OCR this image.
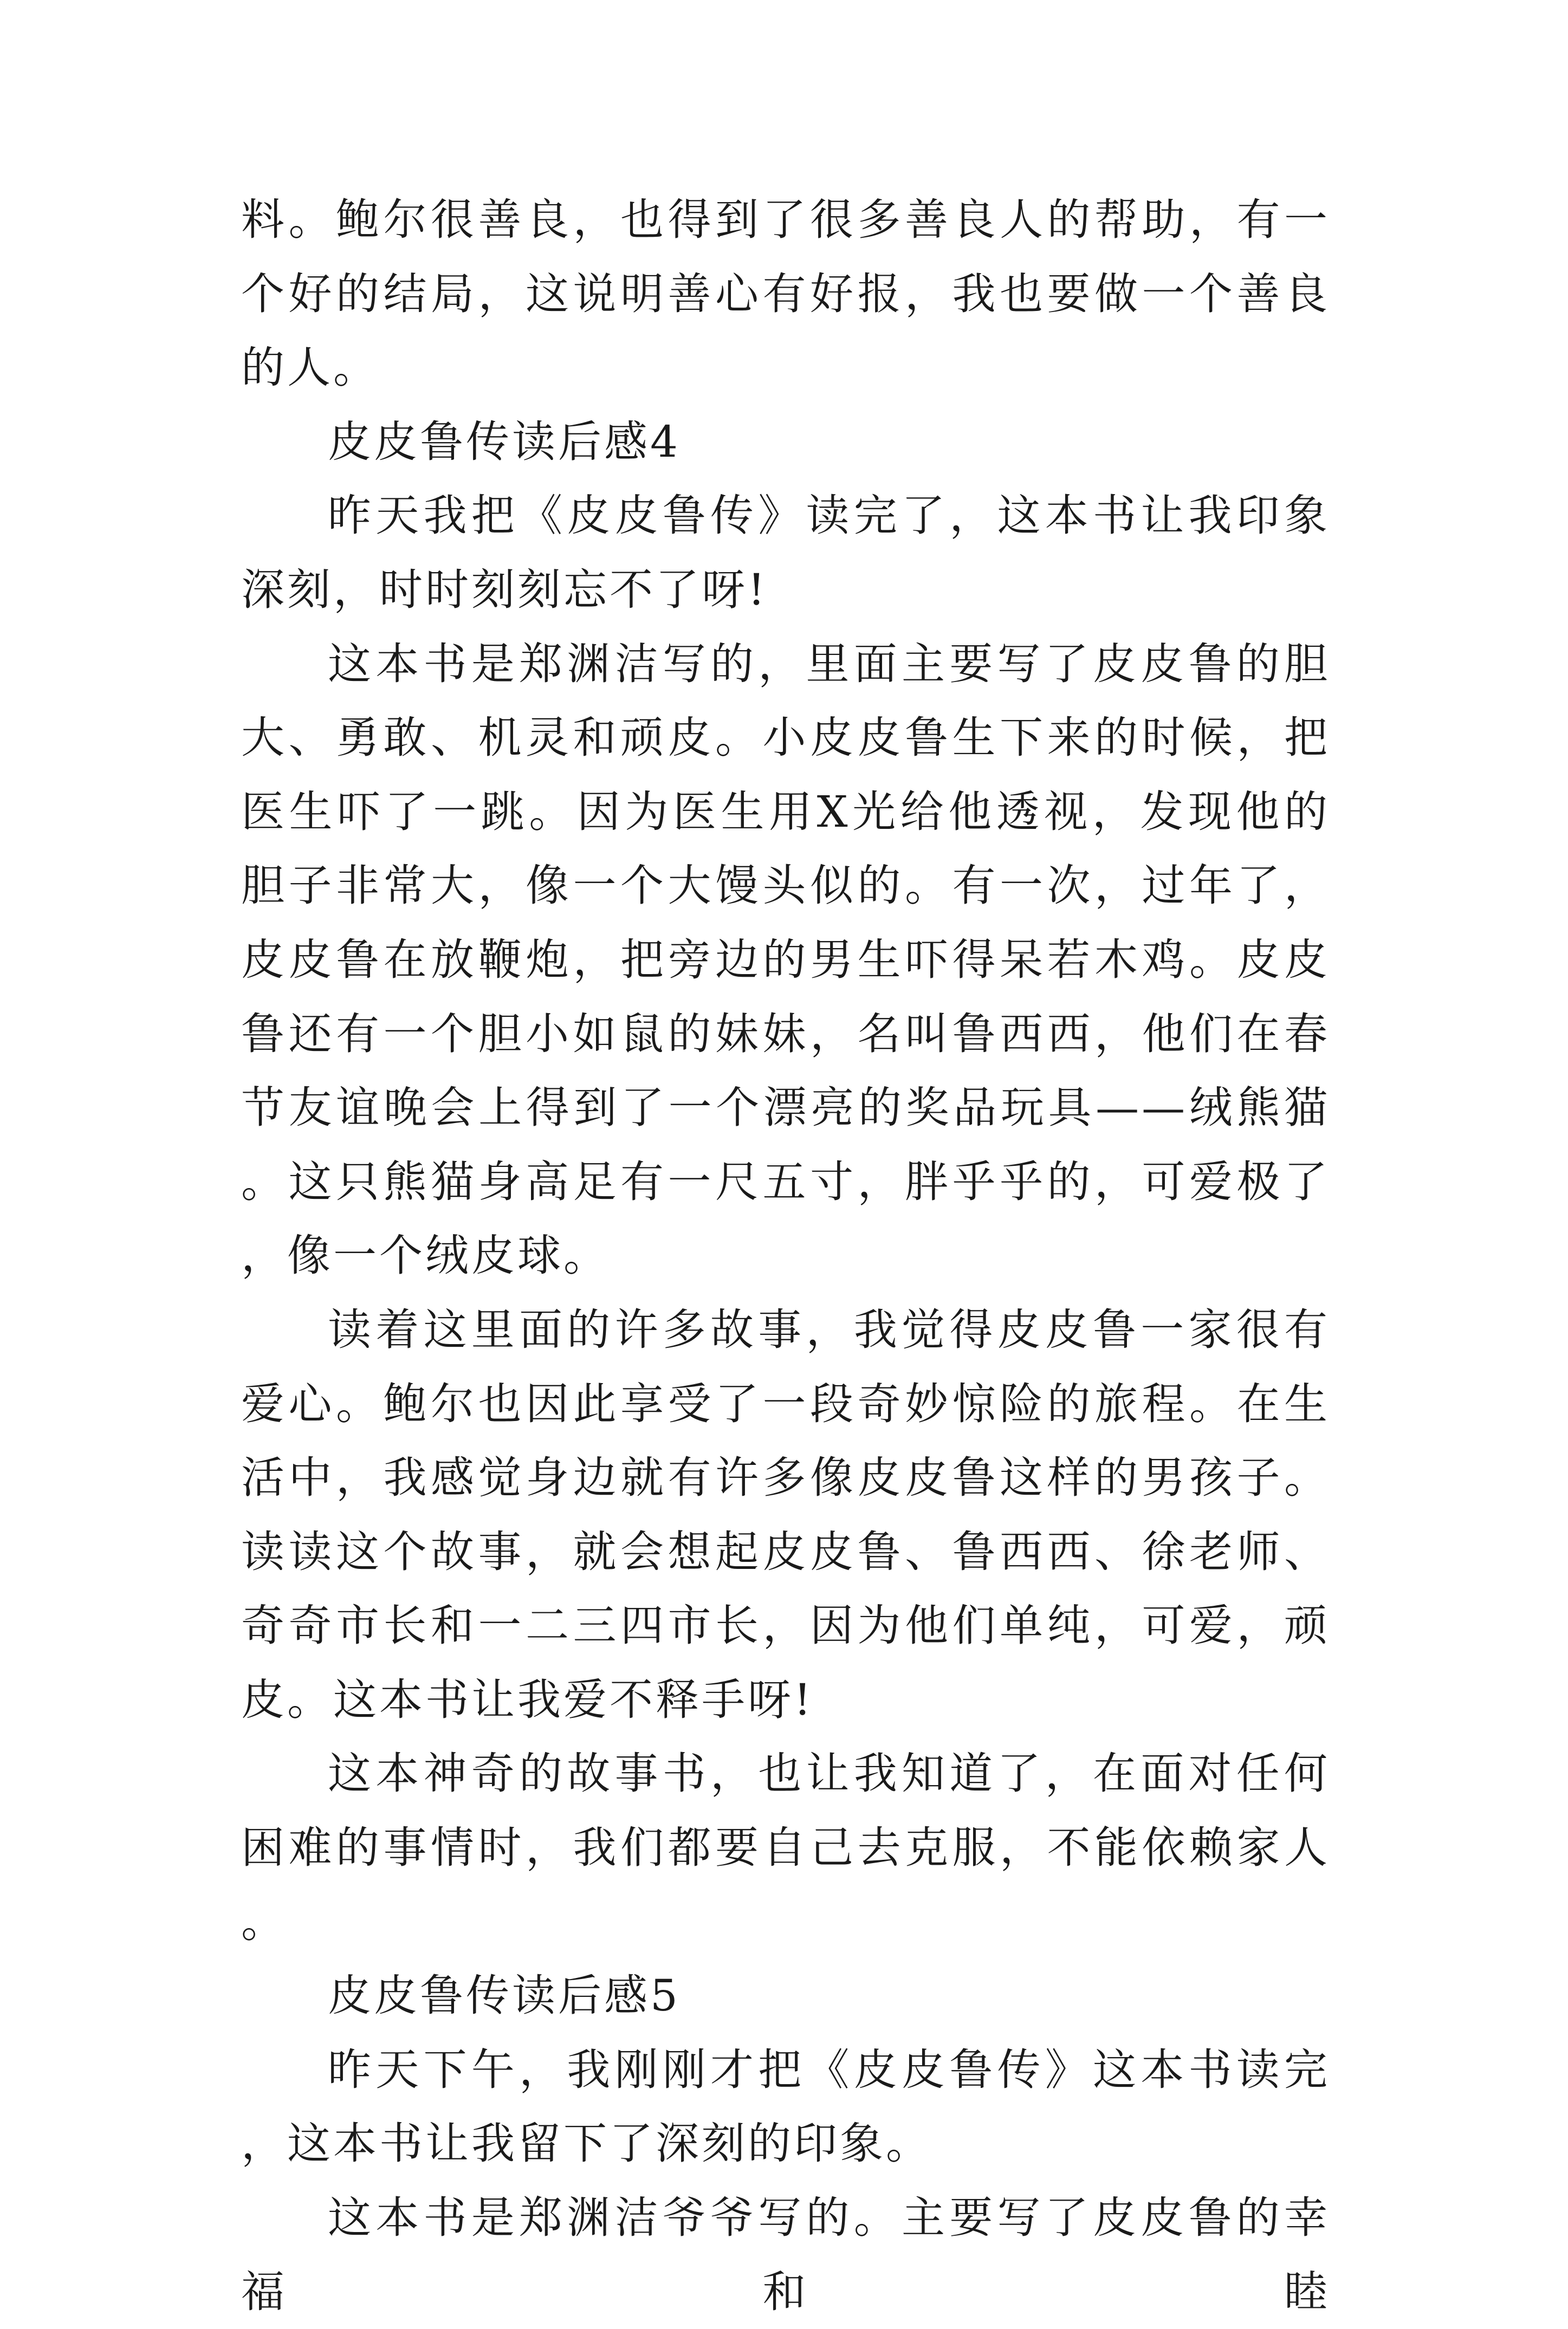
料。鲍尔很善良，也得到了很多善良人的帮助，有一个好的结局，这说明善心有好报，我也要做一个善良的人。

皮皮鲁传读后感4

昨天我把《皮皮鲁传》读完了，这本书让我印象深刻，时时刻刻忘不了呀!

这本书是郑渊洁写的，里面主要写了皮皮鲁的胆大、勇敢、机灵和顽皮。小皮皮鲁生下来的时候，把医生吓了一跳。因为医生用X光给他透视，发现他的胆子非常大，像一个大馒头似的。有一次，过年了，皮皮鲁在放鞭炮，把旁边的男生吓得呆若木鸡。皮皮鲁还有一个胆小如鼠的妹妹，名叫鲁西西，他们在春节友谊晚会上得到了一个漂亮的奖品玩具——绒熊猫。这只熊猫身高足有一尺五寸，胖乎乎的，可爱极了，像一个绒皮球。

读着这里面的许多故事，我觉得皮皮鲁一家很有爱心。鲍尔也因此享受了一段奇妙惊险的旅程。在生活中，我感觉身边就有许多像皮皮鲁这样的男孩子。读读这个故事，就会想起皮皮鲁、鲁西西、徐老师、奇奇市长和一二三四市长，因为他们单纯，可爱，顽皮。这本书让我爱不释手呀!

这本神奇的故事书，也让我知道了，在面对任何困难的事情时，我们都要自己去克服，不能依赖家人。

皮皮鲁传读后感5

昨天下午，我刚刚才把《皮皮鲁传》这本书读完，这本书让我留下了深刻的印象。

这本书是郑渊洁爷爷写的。主要写了皮皮鲁的幸福和睦
